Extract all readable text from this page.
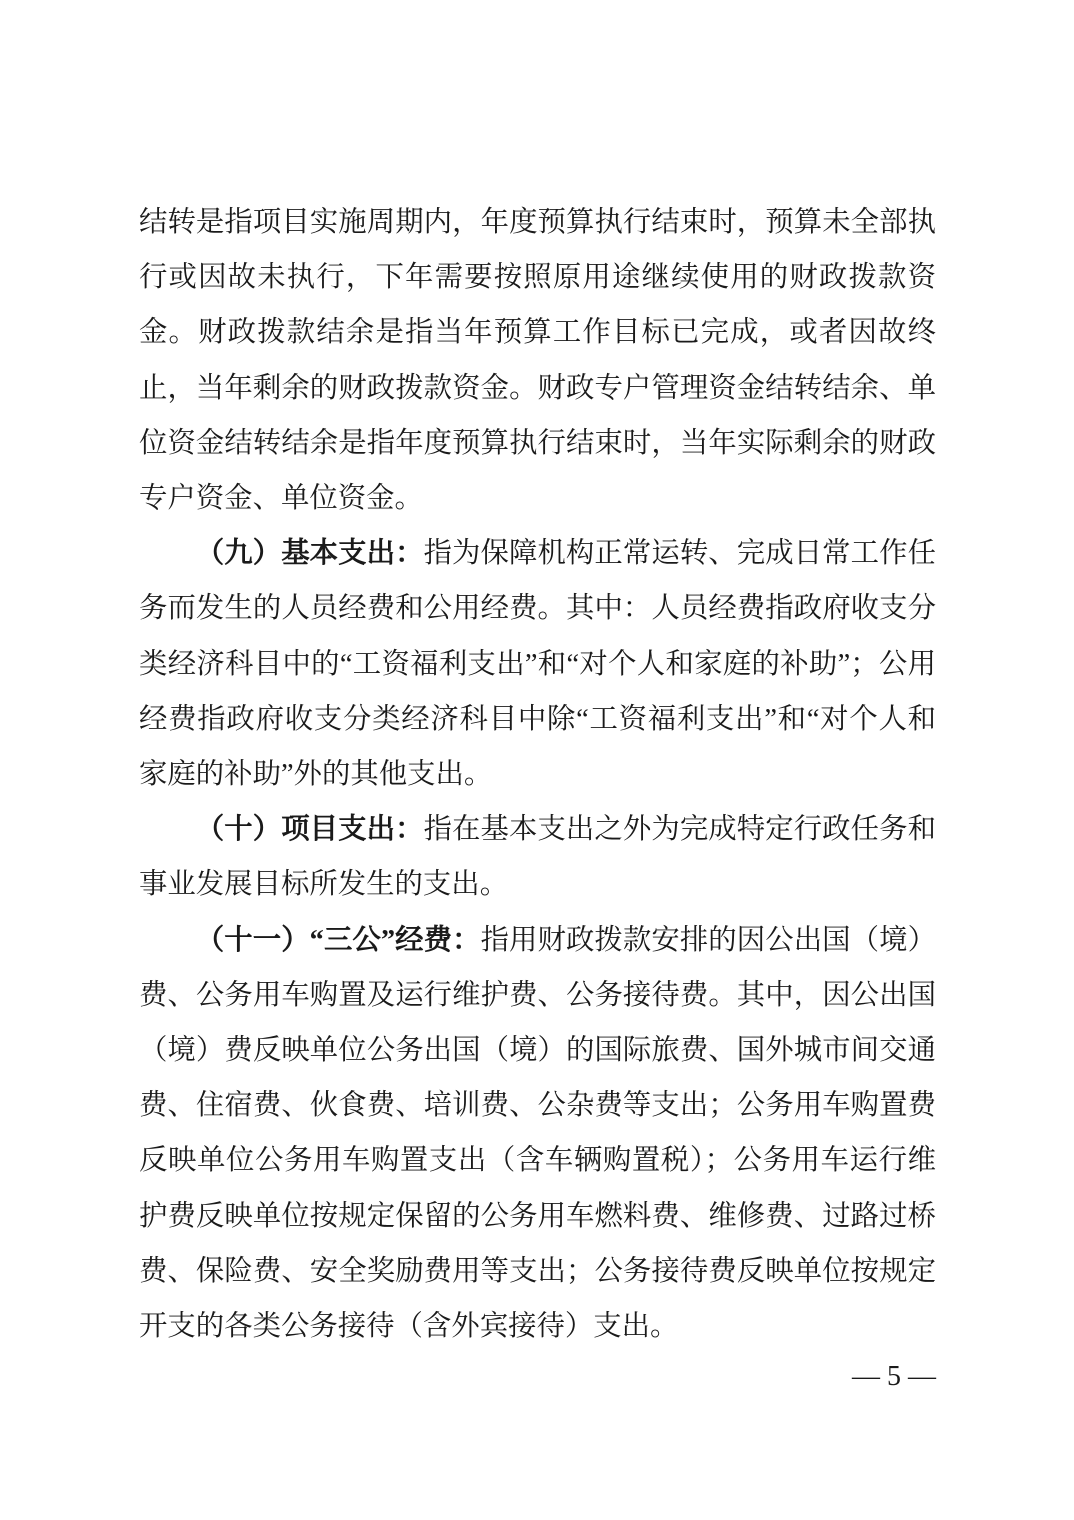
结转是指项目实施周期内，年度预算执行结束时，预算未全部执行或因故未执行，下年需要按照原用途继续使用的财政拨款资金。财政拨款结余是指当年预算工作目标已完成，或者因故终止，当年剩余的财政拨款资金。财政专户管理资金结转结余、单位资金结转结余是指年度预算执行结束时，当年实际剩余的财政专户资金、单位资金。

（九）基本支出：指为保障机构正常运转、完成日常工作任务而发生的人员经费和公用经费。其中：人员经费指政府收支分类经济科目中的“工资福利支出”和“对个人和家庭的补助”；公用经费指政府收支分类经济科目中除“工资福利支出”和“对个人和家庭的补助”外的其他支出。

（十）项目支出：指在基本支出之外为完成特定行政任务和事业发展目标所发生的支出。

（十一）“三公”经费：指用财政拨款安排的因公出国（境）费、公务用车购置及运行维护费、公务接待费。其中，因公出国（境）费反映单位公务出国（境）的国际旅费、国外城市间交通费、住宿费、伙食费、培训费、公杂费等支出；公务用车购置费反映单位公务用车购置支出（含车辆购置税）；公务用车运行维护费反映单位按规定保留的公务用车燃料费、维修费、过路过桥费、保险费、安全奖励费用等支出；公务接待费反映单位按规定开支的各类公务接待（含外宾接待）支出。

— 5 —
